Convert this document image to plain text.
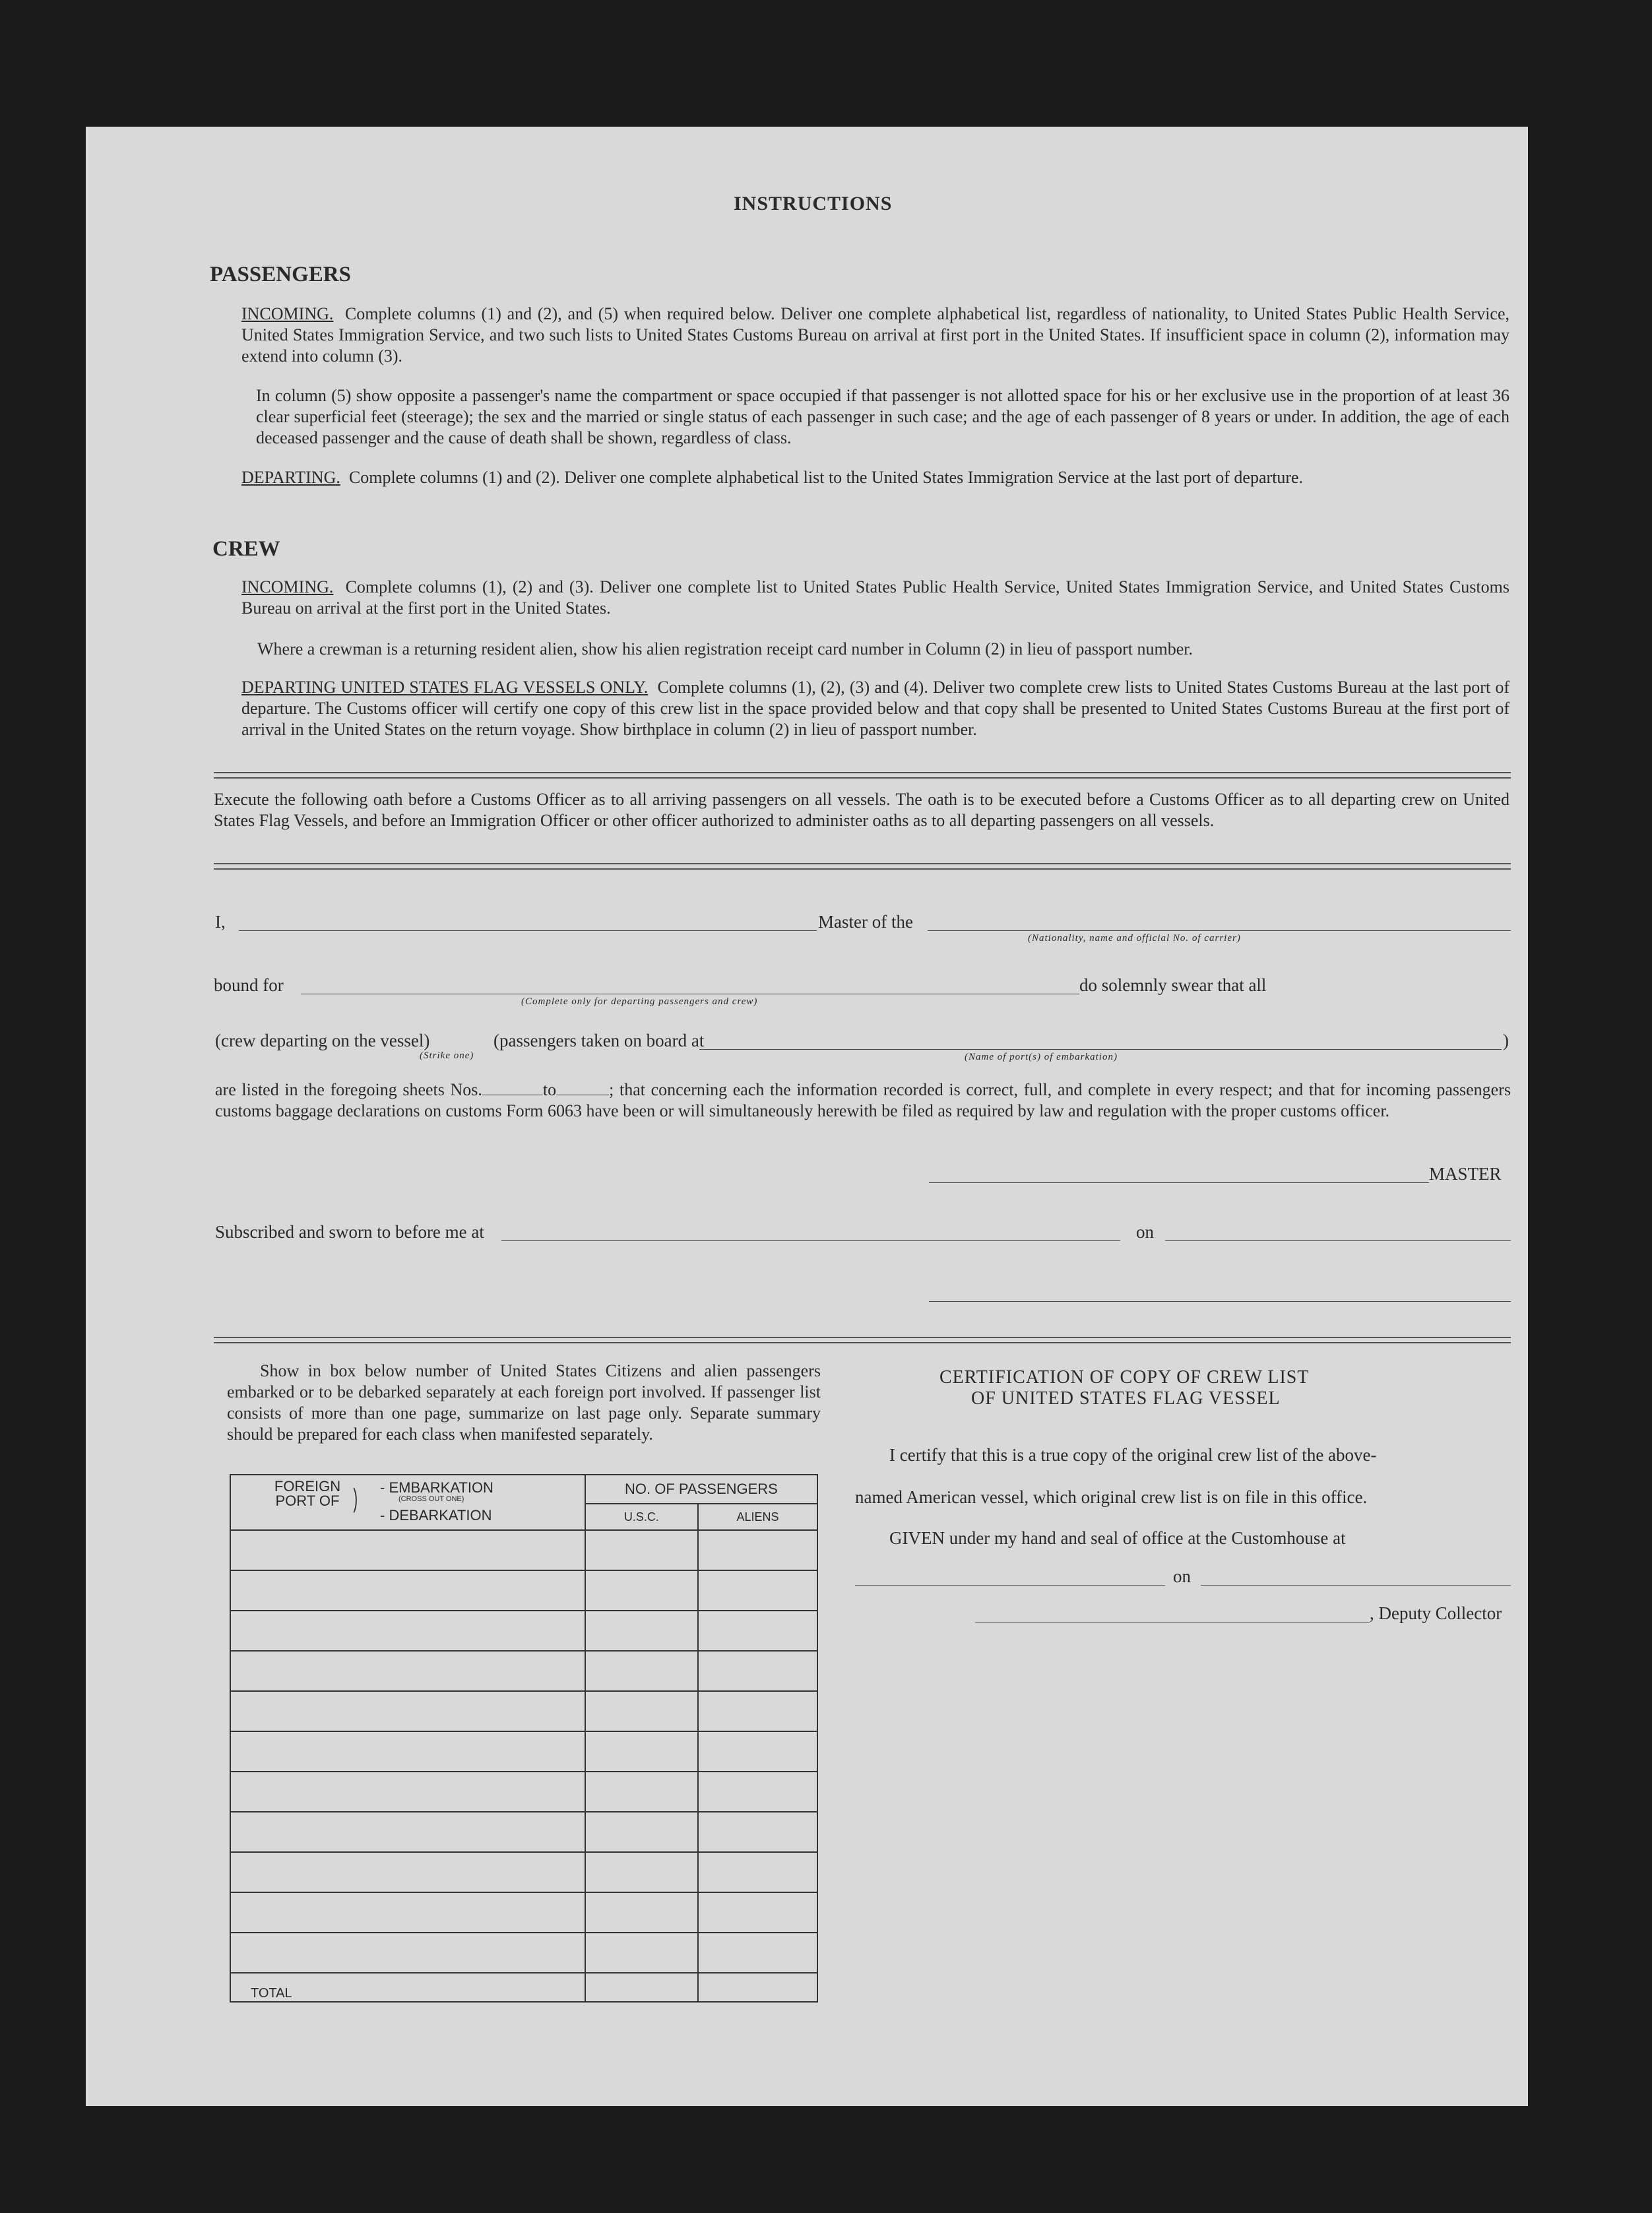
INSTRUCTIONS
PASSENGERS
INCOMING. Complete columns (1) and (2), and (5) when required below. Deliver one complete alphabetical list, regardless of nationality, to United States Public Health Service, United States Immigration Service, and two such lists to United States Customs Bureau on arrival at first port in the United States. If insufficient space in column (2), information may extend into column (3).
In column (5) show opposite a passenger's name the compartment or space occupied if that passenger is not allotted space for his or her exclusive use in the proportion of at least 36 clear superficial feet (steerage); the sex and the married or single status of each passenger in such case; and the age of each passenger of 8 years or under. In addition, the age of each deceased passenger and the cause of death shall be shown, regardless of class.
DEPARTING. Complete columns (1) and (2). Deliver one complete alphabetical list to the United States Immigration Service at the last port of departure.
CREW
INCOMING. Complete columns (1), (2) and (3). Deliver one complete list to United States Public Health Service, United States Immigration Service, and United States Customs Bureau on arrival at the first port in the United States.
Where a crewman is a returning resident alien, show his alien registration receipt card number in Column (2) in lieu of passport number.
DEPARTING UNITED STATES FLAG VESSELS ONLY. Complete columns (1), (2), (3) and (4). Deliver two complete crew lists to United States Customs Bureau at the last port of departure. The Customs officer will certify one copy of this crew list in the space provided below and that copy shall be presented to United States Customs Bureau at the first port of arrival in the United States on the return voyage. Show birthplace in column (2) in lieu of passport number.
Execute the following oath before a Customs Officer as to all arriving passengers on all vessels. The oath is to be executed before a Customs Officer as to all departing crew on United States Flag Vessels, and before an Immigration Officer or other officer authorized to administer oaths as to all departing passengers on all vessels.
I,	Master of the
(Nationality, name and official No. of carrier)
bound for
(Complete only for departing passengers and crew)
do solemnly swear that all
(crew departing on the vessel)
(Strike one)
(passengers taken on board at	)
(Name of port(s) of embarkation)
are listed in the foregoing sheets Nos.	to	; that concerning each the information recorded is correct, full, and complete in every respect; and that for incoming passengers customs baggage declarations on customs Form 6063 have been or will simultaneously herewith be filed as required by law and regulation with the proper customs officer.
MASTER
Subscribed and sworn to before me at	on
Show in box below number of United States Citizens and alien passengers embarked or to be debarked separately at each foreign port involved. If passenger list consists of more than one page, summarize on last page only. Separate summary should be prepared for each class when manifested separately.
FOREIGN PORT OF ) - EMBARKATION
(CROSS OUT ONE)
- DEBARKATION	NO. OF PASSENGERS	
	U.S.C.	ALIENS

TOTAL		
CERTIFICATION OF COPY OF CREW LIST
OF UNITED STATES FLAG VESSEL
I certify that this is a true copy of the original crew list of the above-
named American vessel, which original crew list is on file in this office.
GIVEN under my hand and seal of office at the Customhouse at
on
, Deputy Collector
